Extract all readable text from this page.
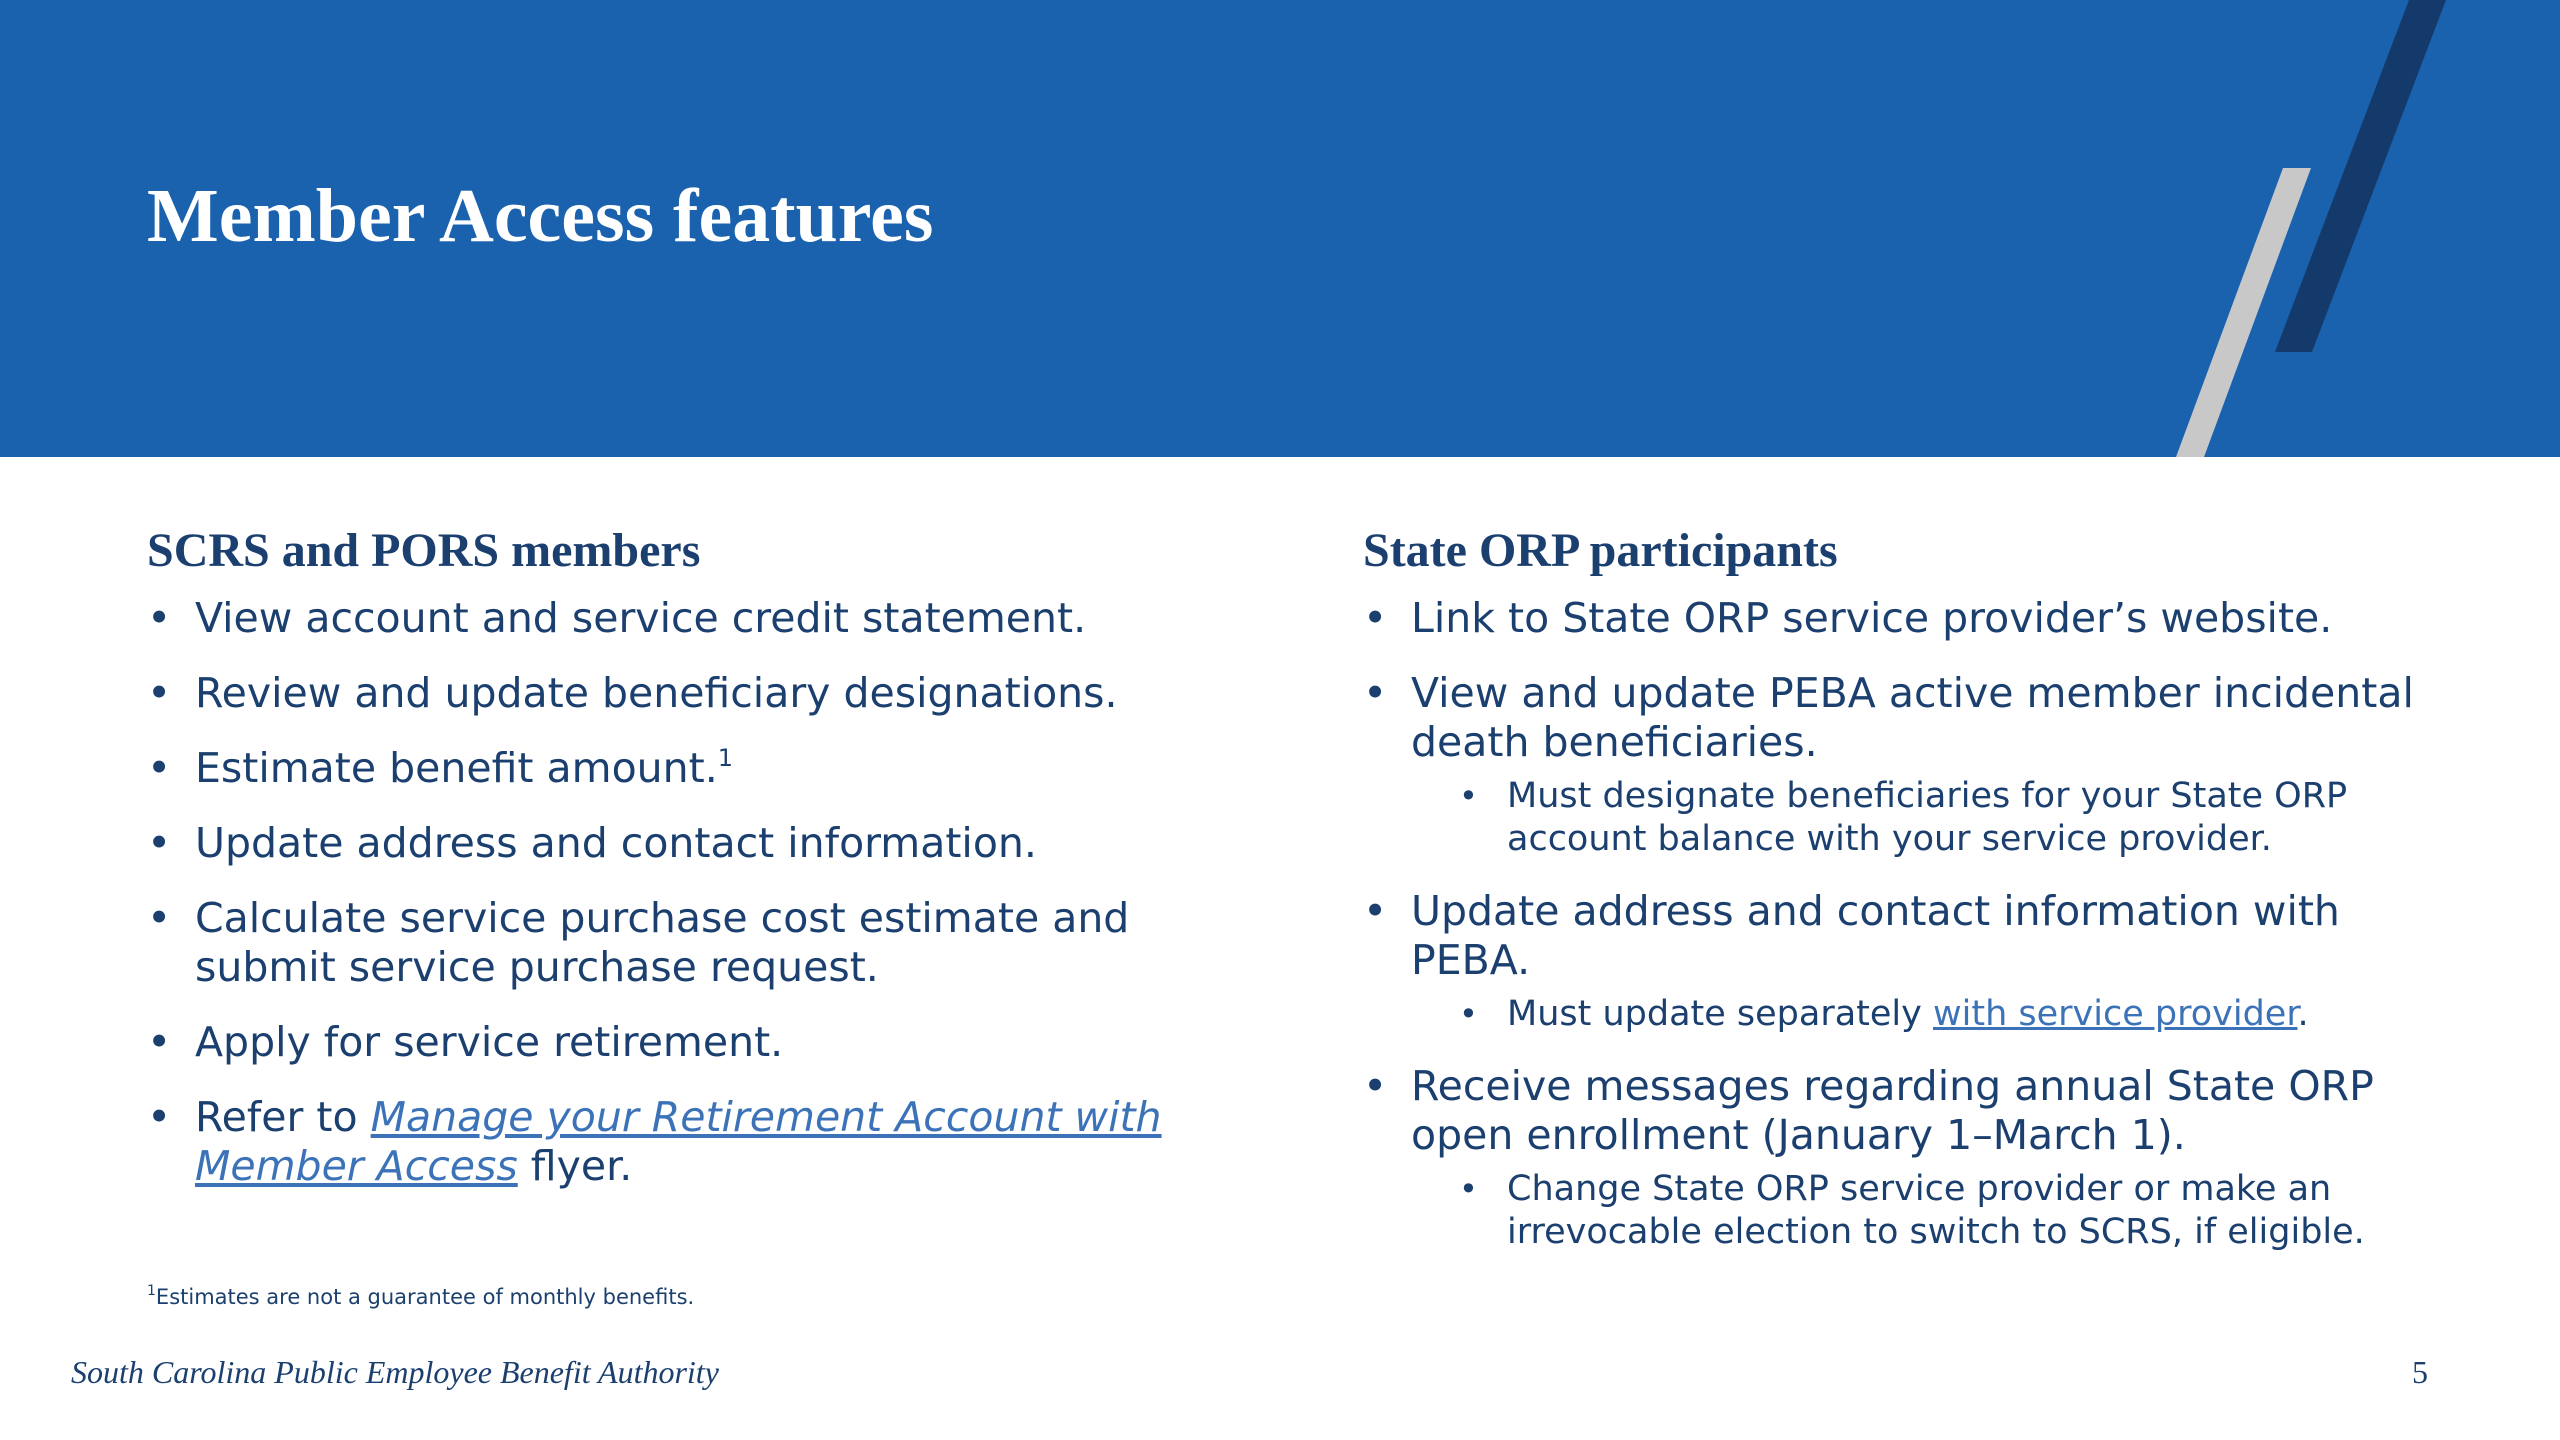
Member Access features
SCRS and PORS members
• View account and service credit statement.
• Review and update beneficiary designations.
• Estimate benefit amount.$^1$
• Update address and contact information.
• Calculate service purchase cost estimate and submit service purchase request.
• Apply for service retirement.
• Refer to Manage your Retirement Account with Member Access flyer.
State ORP participants
• Link to State ORP service provider’s website.
• View and update PEBA active member incidental death beneficiaries.
• Must designate beneficiaries for your State ORP account balance with your service provider.
• Update address and contact information with PEBA.
• Must update separately with service provider.
• Receive messages regarding annual State ORP open enrollment (January 1–March 1).
• Change State ORP service provider or make an irrevocable election to switch to SCRS, if eligible.
$^1$Estimates are not a guarantee of monthly benefits.
South Carolina Public Employee Benefit Authority	5
